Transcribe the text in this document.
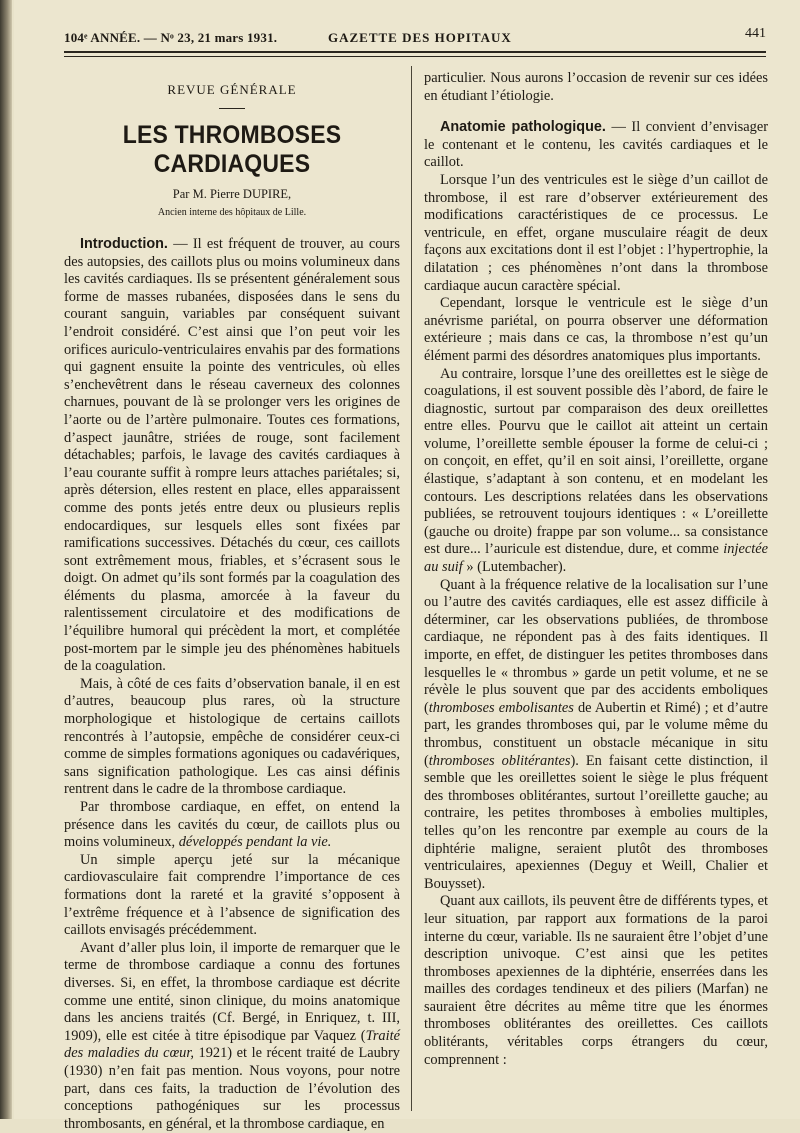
104ᵉ ANNÉE. — Nᵒ 23, 21 mars 1931.	GAZETTE DES HOPITAUX	441
REVUE GÉNÉRALE
LES THROMBOSES CARDIAQUES
Par M. Pierre DUPIRE,
Ancien interne des hôpitaux de Lille.

Introduction. — Il est fréquent de trouver, au cours des autopsies, des caillots plus ou moins volumineux dans les cavités cardiaques. Ils se présentent généralement sous forme de masses rubanées, disposées dans le sens du courant sanguin, variables par conséquent suivant l’endroit considéré. C’est ainsi que l’on peut voir les orifices auriculo-ventriculaires envahis par des formations qui gagnent ensuite la pointe des ventricules, où elles s’enchevêtrent dans le réseau caverneux des colonnes charnues, pouvant de là se prolonger vers les origines de l’aorte ou de l’artère pulmonaire. Toutes ces formations, d’aspect jaunâtre, striées de rouge, sont facilement détachables; parfois, le lavage des cavités cardiaques à l’eau courante suffit à rompre leurs attaches pariétales; si, après détersion, elles restent en place, elles apparaissent comme des ponts jetés entre deux ou plusieurs replis endocardiques, sur lesquels elles sont fixées par ramifications successives. Détachés du cœur, ces caillots sont extrêmement mous, friables, et s’écrasent sous le doigt. On admet qu’ils sont formés par la coagulation des éléments du plasma, amorcée à la faveur du ralentissement circulatoire et des modifications de l’équilibre humoral qui précèdent la mort, et complétée post-mortem par le simple jeu des phénomènes habituels de la coagulation.

Mais, à côté de ces faits d’observation banale, il en est d’autres, beaucoup plus rares, où la structure morphologique et histologique de certains caillots rencontrés à l’autopsie, empêche de considérer ceux-ci comme de simples formations agoniques ou cadavériques, sans signification pathologique. Les cas ainsi définis rentrent dans le cadre de la thrombose cardiaque.

Par thrombose cardiaque, en effet, on entend la présence dans les cavités du cœur, de caillots plus ou moins volumineux, développés pendant la vie.

Un simple aperçu jeté sur la mécanique cardiovasculaire fait comprendre l’importance de ces formations dont la rareté et la gravité s’opposent à l’extrême fréquence et à l’absence de signification des caillots envisagés précédemment.

Avant d’aller plus loin, il importe de remarquer que le terme de thrombose cardiaque a connu des fortunes diverses. Si, en effet, la thrombose cardiaque est décrite comme une entité, sinon clinique, du moins anatomique dans les anciens traités (Cf. Bergé, in Enriquez, t. III, 1909), elle est citée à titre épisodique par Vaquez (Traité des maladies du cœur, 1921) et le récent traité de Laubry (1930) n’en fait pas mention. Nous voyons, pour notre part, dans ces faits, la traduction de l’évolution des conceptions pathogéniques sur les processus thrombosants, en général, et la thrombose cardiaque, en

particulier. Nous aurons l’occasion de revenir sur ces idées en étudiant l’étiologie.

Anatomie pathologique. — Il convient d’envisager le contenant et le contenu, les cavités cardiaques et le caillot.

Lorsque l’un des ventricules est le siège d’un caillot de thrombose, il est rare d’observer extérieurement des modifications caractéristiques de ce processus. Le ventricule, en effet, organe musculaire réagit de deux façons aux excitations dont il est l’objet : l’hypertrophie, la dilatation ; ces phénomènes n’ont dans la thrombose cardiaque aucun caractère spécial.

Cependant, lorsque le ventricule est le siège d’un anévrisme pariétal, on pourra observer une déformation extérieure ; mais dans ce cas, la thrombose n’est qu’un élément parmi des désordres anatomiques plus importants.

Au contraire, lorsque l’une des oreillettes est le siège de coagulations, il est souvent possible dès l’abord, de faire le diagnostic, surtout par comparaison des deux oreillettes entre elles. Pourvu que le caillot ait atteint un certain volume, l’oreillette semble épouser la forme de celui-ci ; on conçoit, en effet, qu’il en soit ainsi, l’oreillette, organe élastique, s’adaptant à son contenu, et en modelant les contours. Les descriptions relatées dans les observations publiées, se retrouvent toujours identiques : « L’oreillette (gauche ou droite) frappe par son volume... sa consistance est dure... l’auricule est distendue, dure, et comme injectée au suif » (Lutembacher).

Quant à la fréquence relative de la localisation sur l’une ou l’autre des cavités cardiaques, elle est assez difficile à déterminer, car les observations publiées, de thrombose cardiaque, ne répondent pas à des faits identiques. Il importe, en effet, de distinguer les petites thromboses dans lesquelles le « thrombus » garde un petit volume, et ne se révèle le plus souvent que par des accidents emboliques (thromboses embolisantes de Aubertin et Rimé) ; et d’autre part, les grandes thromboses qui, par le volume même du thrombus, constituent un obstacle mécanique in situ (thromboses oblitérantes). En faisant cette distinction, il semble que les oreillettes soient le siège le plus fréquent des thromboses oblitérantes, surtout l’oreillette gauche; au contraire, les petites thromboses à embolies multiples, telles qu’on les rencontre par exemple au cours de la diphtérie maligne, seraient plutôt des thromboses ventriculaires, apexiennes (Deguy et Weill, Chalier et Bouysset).

Quant aux caillots, ils peuvent être de différents types, et leur situation, par rapport aux formations de la paroi interne du cœur, variable. Ils ne sauraient être l’objet d’une description univoque. C’est ainsi que les petites thromboses apexiennes de la diphtérie, enserrées dans les mailles des cordages tendineux et des piliers (Marfan) ne sauraient être décrites au même titre que les énormes thromboses oblitérantes des oreillettes. Ces caillots oblitérants, véritables corps étrangers du cœur, comprennent :
